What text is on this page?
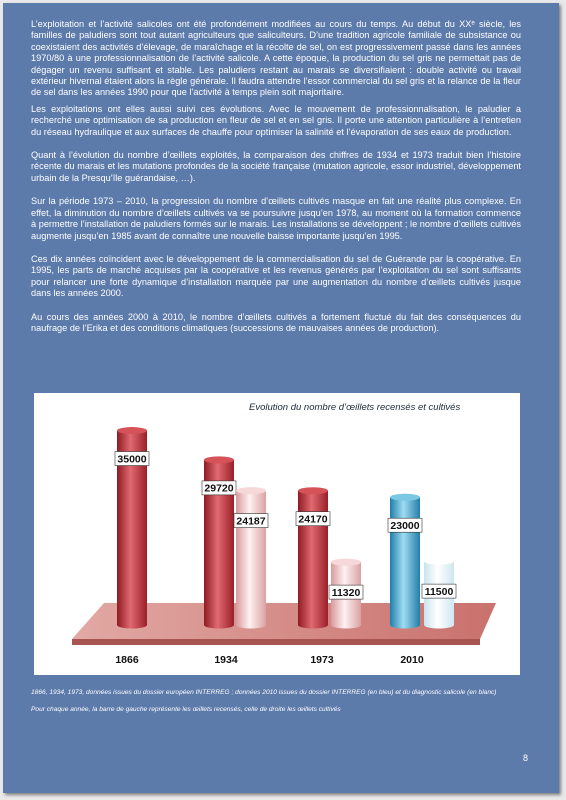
L’exploitation et l’activité salicoles ont été profondément modifiées au cours du temps. Au début du XXᵉ siècle, les familles de paludiers sont tout autant agriculteurs que saliculteurs. D’une tradition agricole familiale de subsistance ou coexistaient des activités d’élevage, de maraîchage et la récolte de sel, on est progressivement passé dans les années 1970/80 à une professionnalisation de l’activité salicole. A cette époque, la production du sel gris ne permettait pas de dégager un revenu suffisant et stable. Les paludiers restant au marais se diversifiaient : double activité ou travail extérieur hivernal étaient alors la règle générale. Il faudra attendre l’essor commercial du sel gris et la relance de la fleur de sel dans les années 1990 pour que l’activité à temps plein soit majoritaire.

Les exploitations ont elles aussi suivi ces évolutions. Avec le mouvement de professionnalisation, le paludier a recherché une optimisation de sa production en fleur de sel et en sel gris. Il porte une attention particulière à l’entretien du réseau hydraulique et aux surfaces de chauffe pour optimiser la salinité et l’évaporation de ses eaux de production.

Quant à l’évolution du nombre d’œillets exploités, la comparaison des chiffres de 1934 et 1973 traduit bien l’histoire récente du marais et les mutations profondes de la société française (mutation agricole, essor industriel, développement urbain de la Presqu’île guérandaise, …).

Sur la période 1973 – 2010, la progression du nombre d’œillets cultivés masque en fait une réalité plus complexe. En effet, la diminution du nombre d’œillets cultivés va se poursuivre jusqu’en 1978, au moment où la formation commence à permettre l’installation de paludiers formés sur le marais. Les installations se développent ; le nombre d’œillets cultivés augmente jusqu’en 1985 avant de connaître une nouvelle baisse importante jusqu’en 1995.

Ces dix années coïncident avec le développement de la commercialisation du sel de Guérande par la coopérative. En 1995, les parts de marché acquises par la coopérative et les revenus générés par l’exploitation du sel sont suffisants pour relancer une forte dynamique d’installation marquée par une augmentation du nombre d’œillets cultivés jusque dans les années 2000.

Au cours des années 2000 à 2010, le nombre d’œillets cultivés a fortement fluctué du fait des conséquences du naufrage de l’Erika et des conditions climatiques (successions de mauvaises années de production).

35000
1866
29720
24187
1934
24170
11320
1973
23000
11500
2010
Evolution du nombre d’œillets recensés et cultivés
1866, 1934, 1973, données issues du dossier européen INTERREG ; données 2010 issues du dossier INTERREG (en bleu) et du diagnostic salicole (en blanc)
Pour chaque année, la barre de gauche représente les œillets recensés, celle de droite les œillets cultivés
8
